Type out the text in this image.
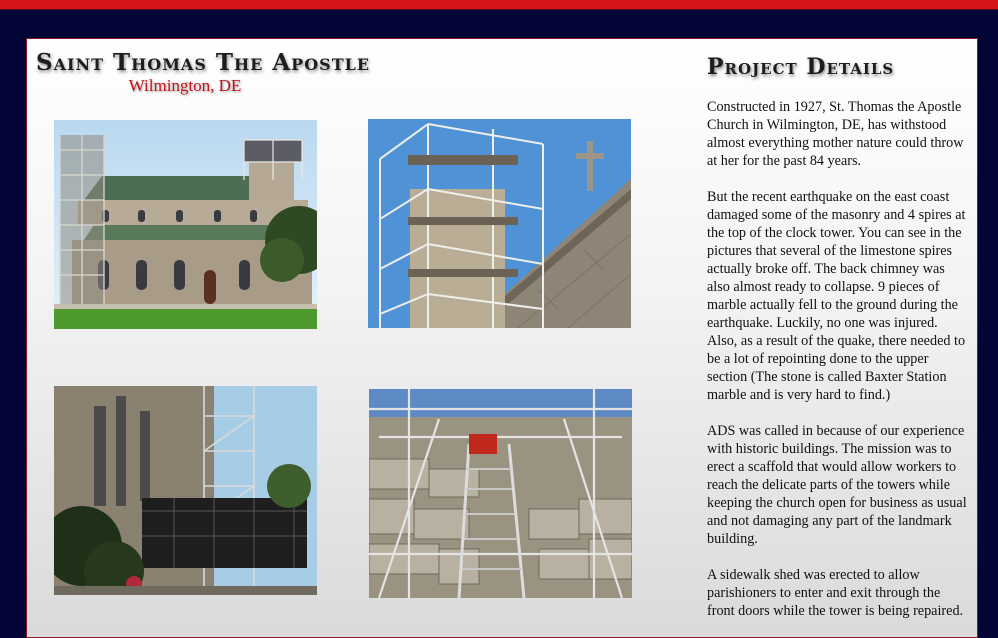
Saint Thomas The Apostle
Wilmington, DE
Project Details

Constructed in 1927, St. Thomas the Apostle Church in Wilmington, DE, has withstood almost everything mother nature could throw at her for the past 84 years.

But the recent earthquake on the east coast damaged some of the masonry and 4 spires at the top of the clock tower. You can see in the pictures that several of the limestone spires actually broke off. The back chimney was also almost ready to collapse. 9 pieces of marble actually fell to the ground during the earthquake. Luckily, no one was injured. Also, as a result of the quake, there needed to be a lot of repointing done to the upper section (The stone is called Baxter Station marble and is very hard to find.)

ADS was called in because of our experience with historic buildings. The mission was to erect a scaffold that would allow workers to reach the delicate parts of the towers while keeping the church open for business as usual and not damaging any part of the landmark building.

A sidewalk shed was erected to allow parishioners to enter and exit through the front doors while the tower is being repaired.
